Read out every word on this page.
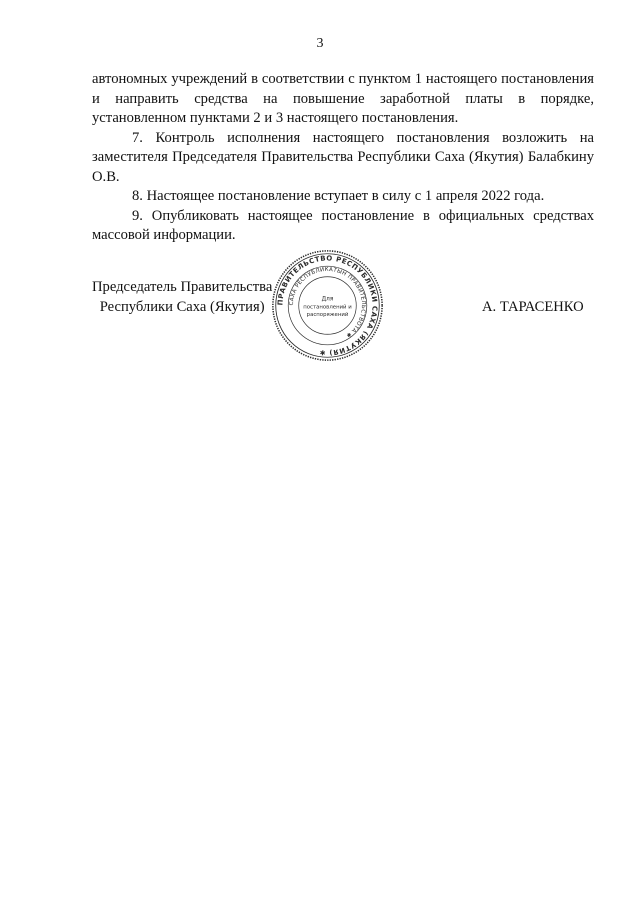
3

автономных учреждений в соответствии с пунктом 1 настоящего постановления и направить средства на повышение заработной платы в порядке, установленном пунктами 2 и 3 настоящего постановления.

7. Контроль исполнения настоящего постановления возложить на заместителя Председателя Правительства Республики Саха (Якутия) Балабкину О.В.

8. Настоящее постановление вступает в силу с 1 апреля 2022 года.

9. Опубликовать настоящее постановление в официальных средствах массовой информации.

Председатель Правительства
Республики Саха (Якутия)	ПРАВИТЕЛЬСТВО РЕСПУБЛИКИ САХА (ЯКУТИЯ) ✱
САХА РЕСПУБЛИКАТЫН ПРАВИТЕЛЬСТВОТА ✱
Для
постановлений и
распоряжений
А. ТАРАСЕНКО
